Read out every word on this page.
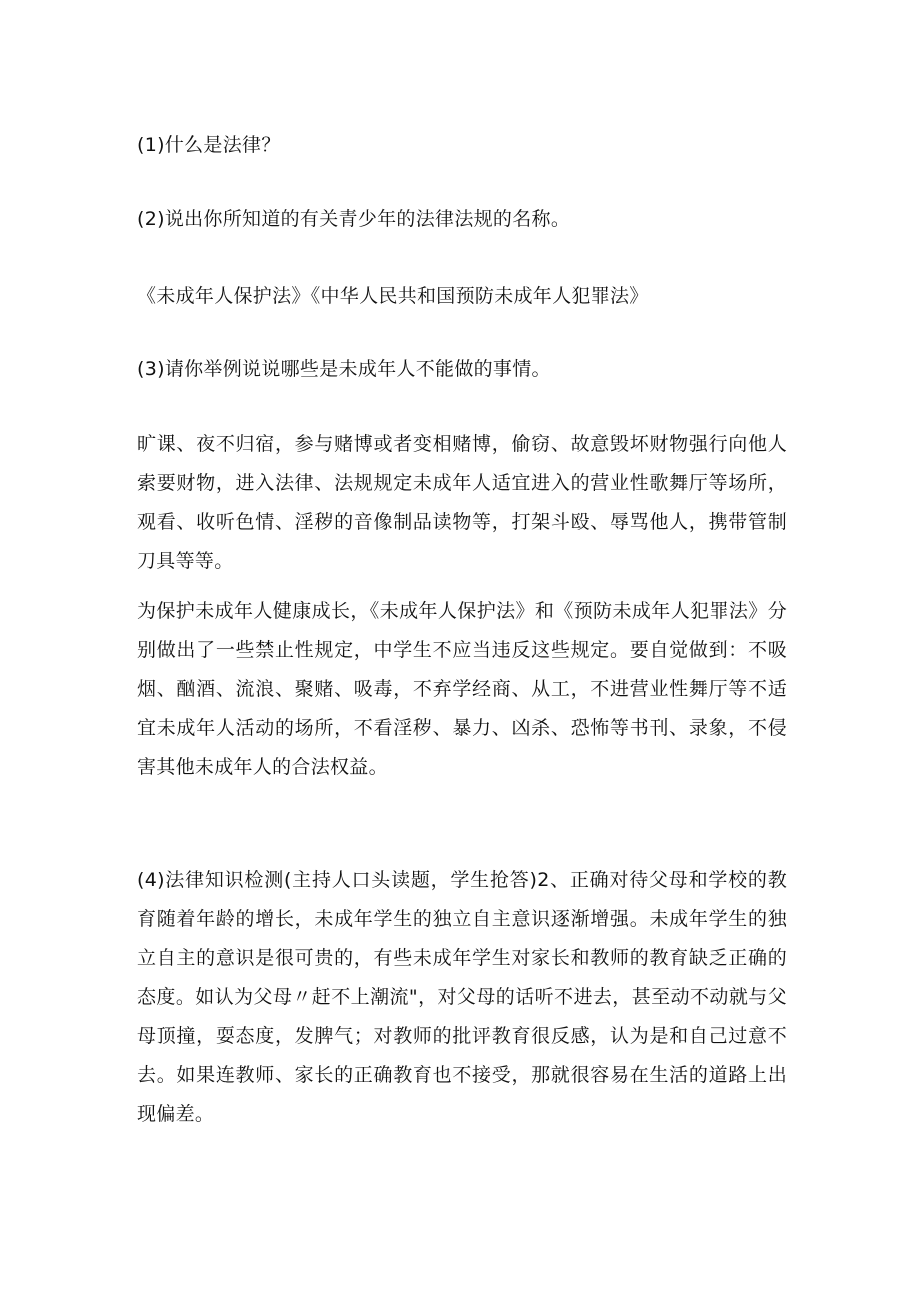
(1)什么是法律？
(2)说出你所知道的有关青少年的法律法规的名称。
《未成年人保护法》《中华人民共和国预防未成年人犯罪法》
(3)请你举例说说哪些是未成年人不能做的事情。
旷课、夜不归宿，参与赌博或者变相赌博，偷窃、故意毁坏财物强行向他人索要财物，进入法律、法规规定未成年人适宜进入的营业性歌舞厅等场所，观看、收听色情、淫秽的音像制品读物等，打架斗殴、辱骂他人，携带管制刀具等等。
为保护未成年人健康成长，《未成年人保护法》和《预防未成年人犯罪法》分别做出了一些禁止性规定，中学生不应当违反这些规定。要自觉做到：不吸烟、酗酒、流浪、聚赌、吸毒，不弃学经商、从工，不进营业性舞厅等不适宜未成年人活动的场所，不看淫秽、暴力、凶杀、恐怖等书刊、录象，不侵害其他未成年人的合法权益。
(4)法律知识检测(主持人口头读题，学生抢答)2、正确对待父母和学校的教育随着年龄的增长，未成年学生的独立自主意识逐渐增强。未成年学生的独立自主的意识是很可贵的，有些未成年学生对家长和教师的教育缺乏正确的态度。如认为父母〃赶不上潮流"，对父母的话听不进去，甚至动不动就与父母顶撞，耍态度，发脾气；对教师的批评教育很反感，认为是和自己过意不去。如果连教师、家长的正确教育也不接受，那就很容易在生活的道路上出现偏差。
